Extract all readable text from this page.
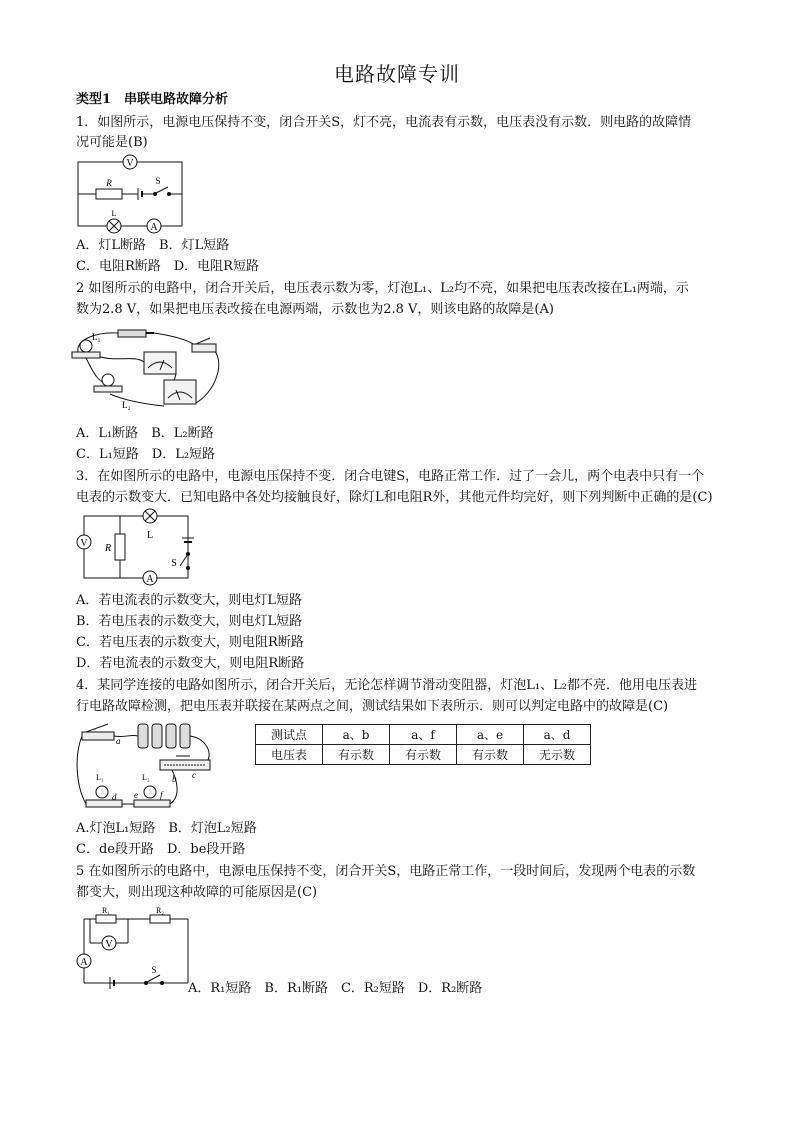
电路故障专训
类型1　串联电路故障分析
1．如图所示，电源电压保持不变，闭合开关S，灯不亮，电流表有示数，电压表没有示数．则电路的故障情
况可能是(B)
V
R	S
L
A
A．灯L断路　B．灯L短路
C．电阻R断路　D．电阻R短路
2 如图所示的电路中，闭合开关后，电压表示数为零，灯泡L₁、L₂均不亮，如果把电压表改接在L₁两端，示
数为2.8 V，如果把电压表改接在电源两端，示数也为2.8 V，则该电路的故障是(A)
L₁
L₂
A．L₁断路　B．L₂断路
C．L₁短路　D．L₂短路
3．在如图所示的电路中，电源电压保持不变．闭合电键S，电路正常工作．过了一会儿，两个电表中只有一个
电表的示数变大．已知电路中各处均接触良好，除灯L和电阻R外，其他元件均完好，则下列判断中正确的是(C)
V R
L
S
A
A．若电流表的示数变大，则电灯L短路
B．若电压表的示数变大，则电灯L短路
C．若电压表的示数变大，则电阻R断路
D．若电流表的示数变大，则电阻R断路
4．某同学连接的电路如图所示，闭合开关后，无论怎样调节滑动变阻器，灯泡L₁、L₂都不亮．他用电压表进
行电路故障检测，把电压表并联接在某两点之间，测试结果如下表所示．则可以判定电路中的故障是(C)
a
b c
d e f
L₁	L₂
测试点	a、b	a、f	a、e	a、d
电压表	有示数	有示数	有示数	无示数
A.灯泡L₁短路　B．灯泡L₂短路
C．de段开路　D．be段开路
5 在如图所示的电路中，电源电压保持不变，闭合开关S，电路正常工作，一段时间后，发现两个电表的示数
都变大，则出现这种故障的可能原因是(C)
R₁	R₂
V
A
S
A．R₁短路　B．R₁断路　C．R₂短路　D．R₂断路
